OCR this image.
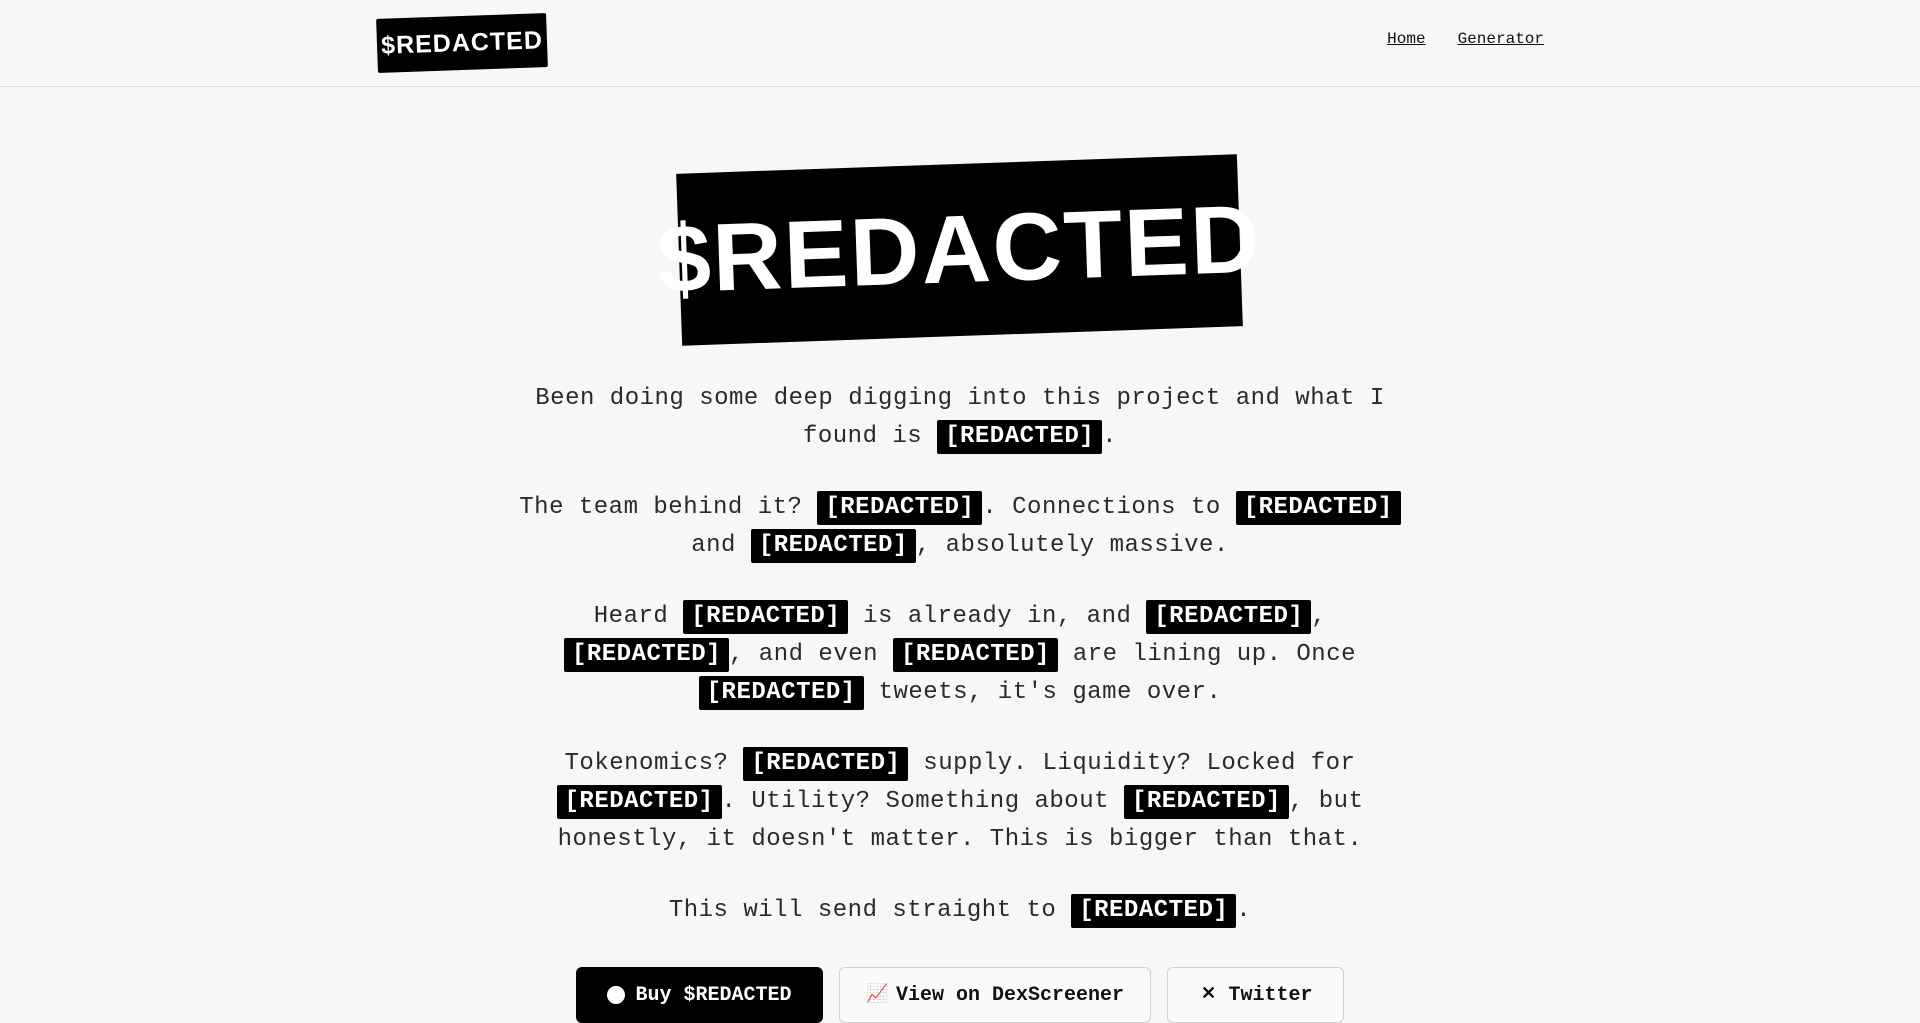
$REDACTED	Home Generator
$REDACTED

Been doing some deep digging into this project and what I found is [REDACTED] .

The team behind it? [REDACTED] . Connections to [REDACTED]
and [REDACTED] , absolutely massive.

Heard [REDACTED] is already in, and [REDACTED] ,
[REDACTED] , and even [REDACTED] are lining up. Once
[REDACTED] tweets, it's game over.

Tokenomics? [REDACTED] supply. Liquidity? Locked for
[REDACTED] . Utility? Something about [REDACTED] , but honestly, it doesn't matter. This is bigger than that.

This will send straight to [REDACTED] .

Buy $REDACTED	📈 View on DexScreener	✕ Twitter
